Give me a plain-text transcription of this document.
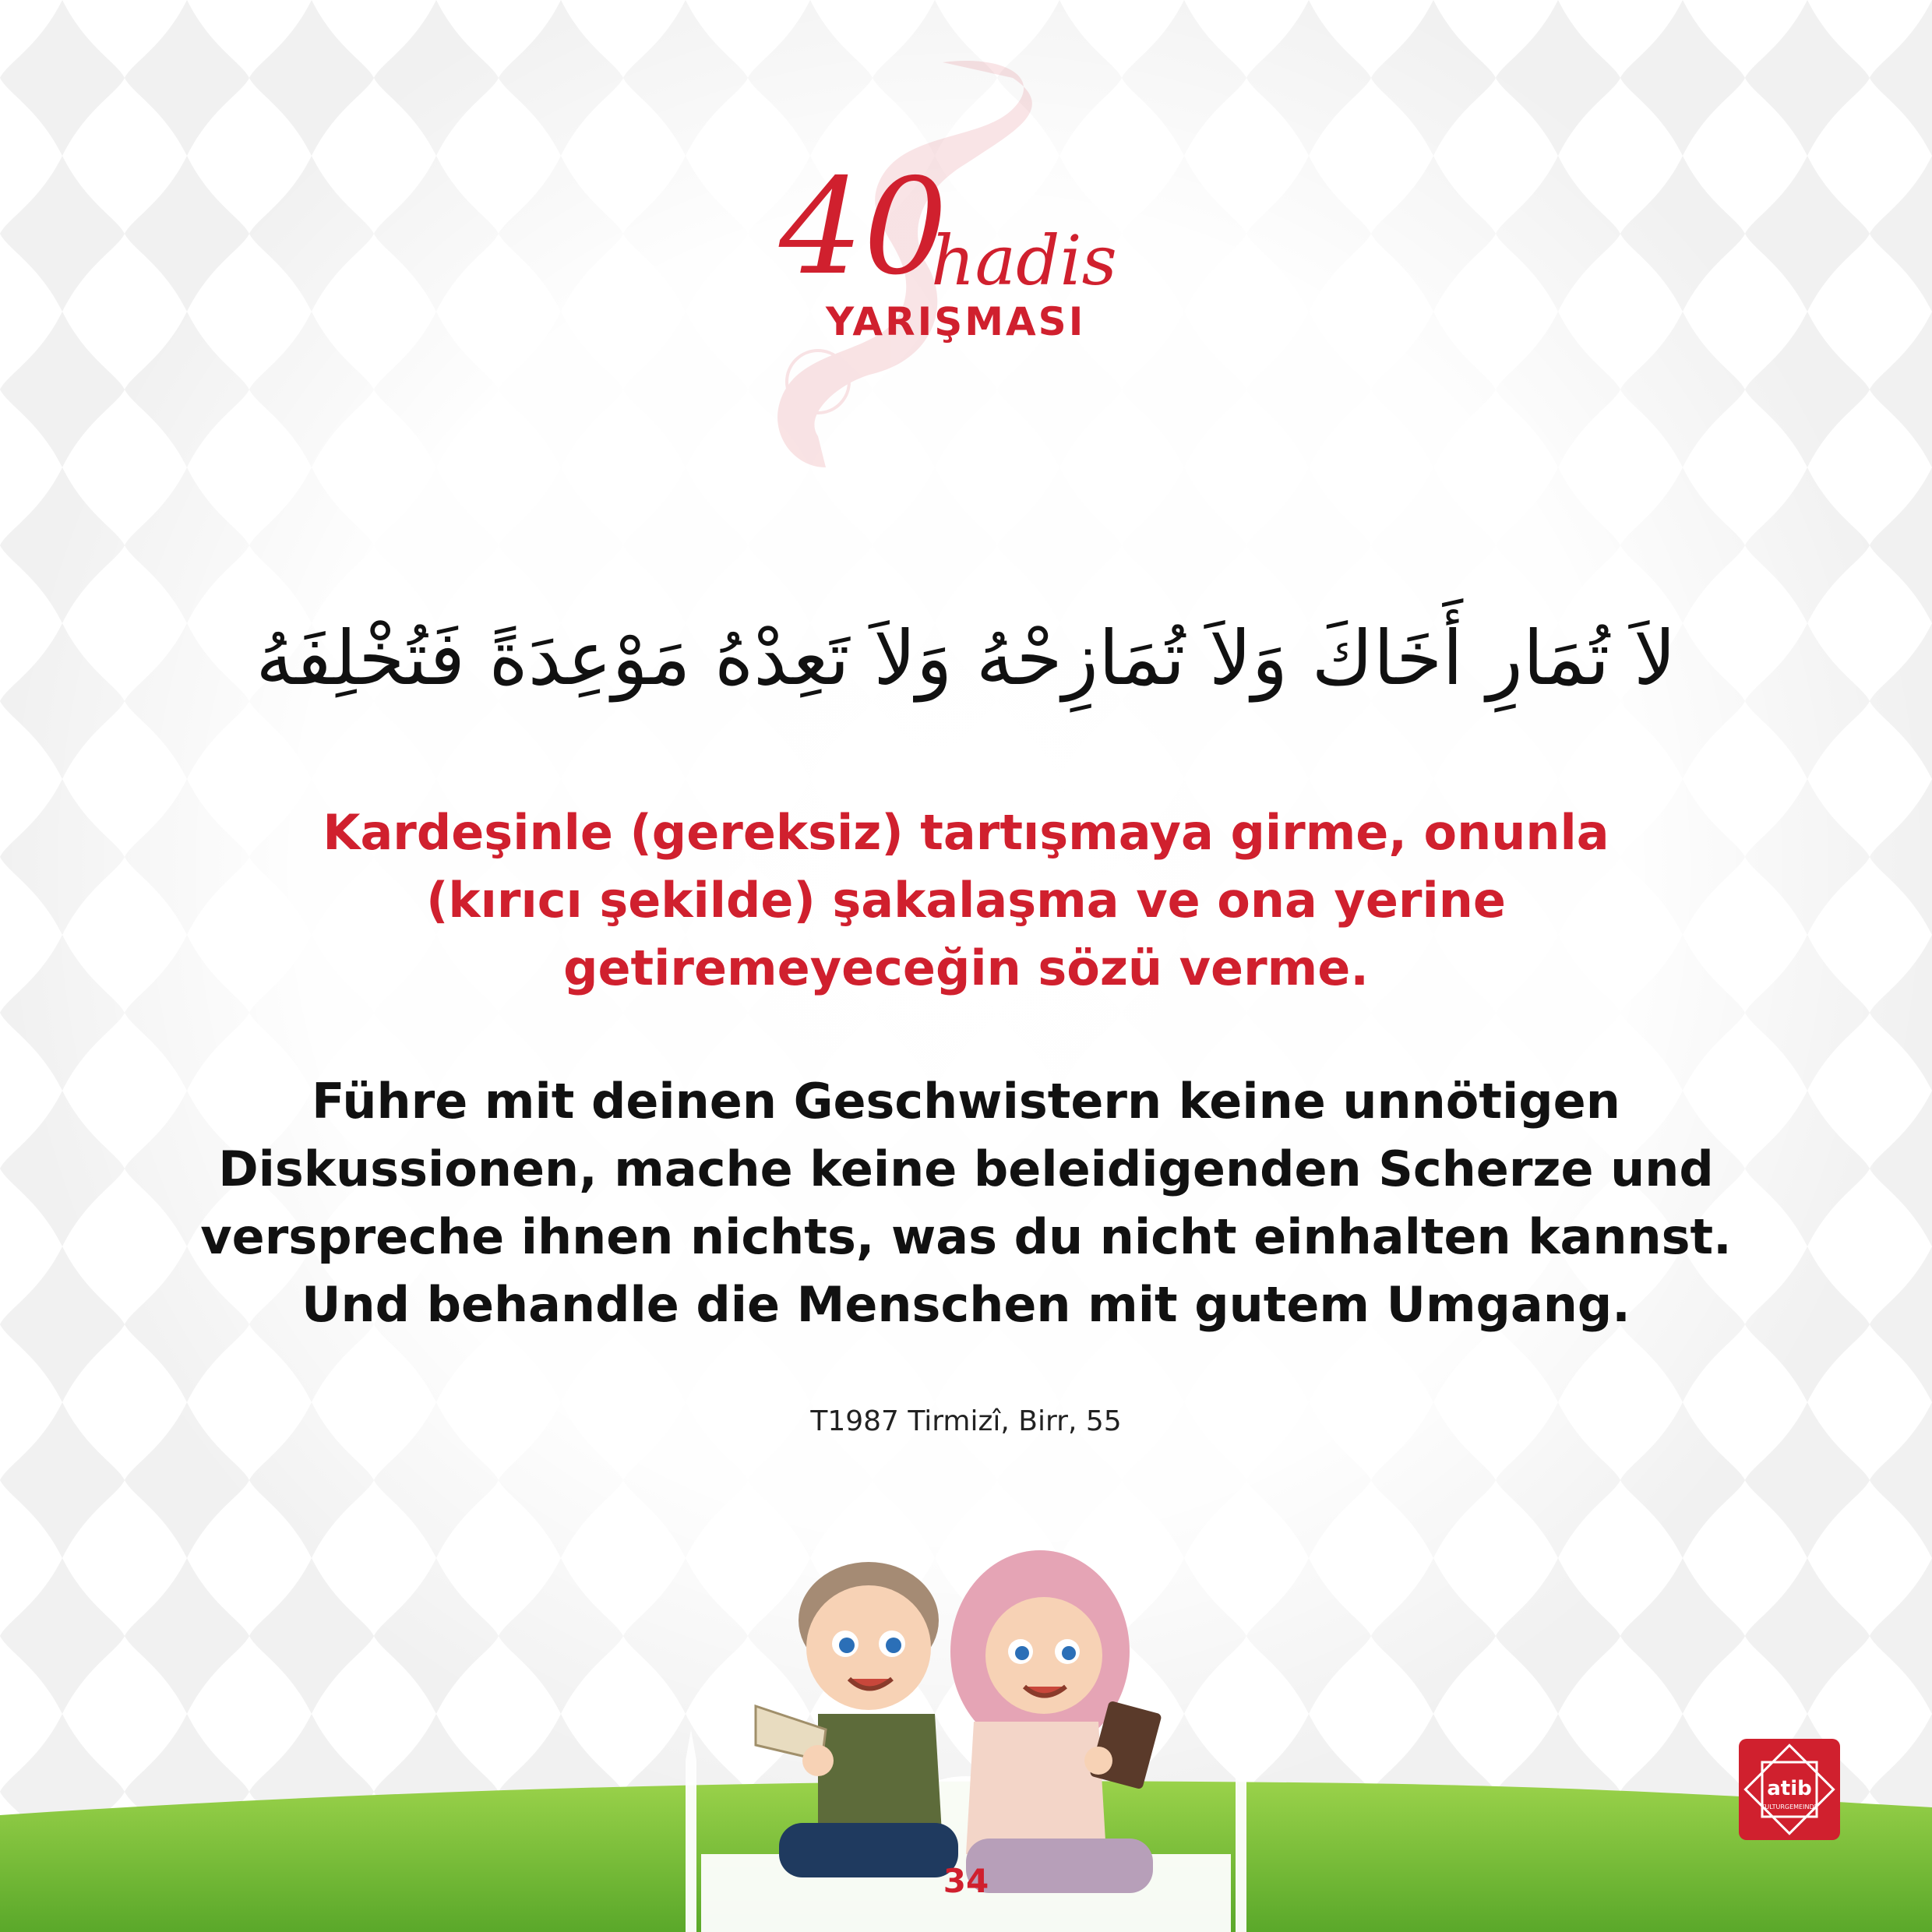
40
hadis
YARIŞMASI
لاَ تُمَارِ أَخَاكَ وَلاَ تُمَازِحْهُ وَلاَ تَعِدْهُ مَوْعِدَةً فَتُخْلِفَهُ
Kardeşinle (gereksiz) tartışmaya girme, onunla
(kırıcı şekilde) şakalaşma ve ona yerine
getiremeyeceğin sözü verme.
Führe mit deinen Geschwistern keine unnötigen
Diskussionen, mache keine beleidigenden Scherze und
verspreche ihnen nichts, was du nicht einhalten kannst.
Und behandle die Menschen mit gutem Umgang.
T1987 Tirmizî, Birr, 55
34
atib
KULTURGEMEINDE
